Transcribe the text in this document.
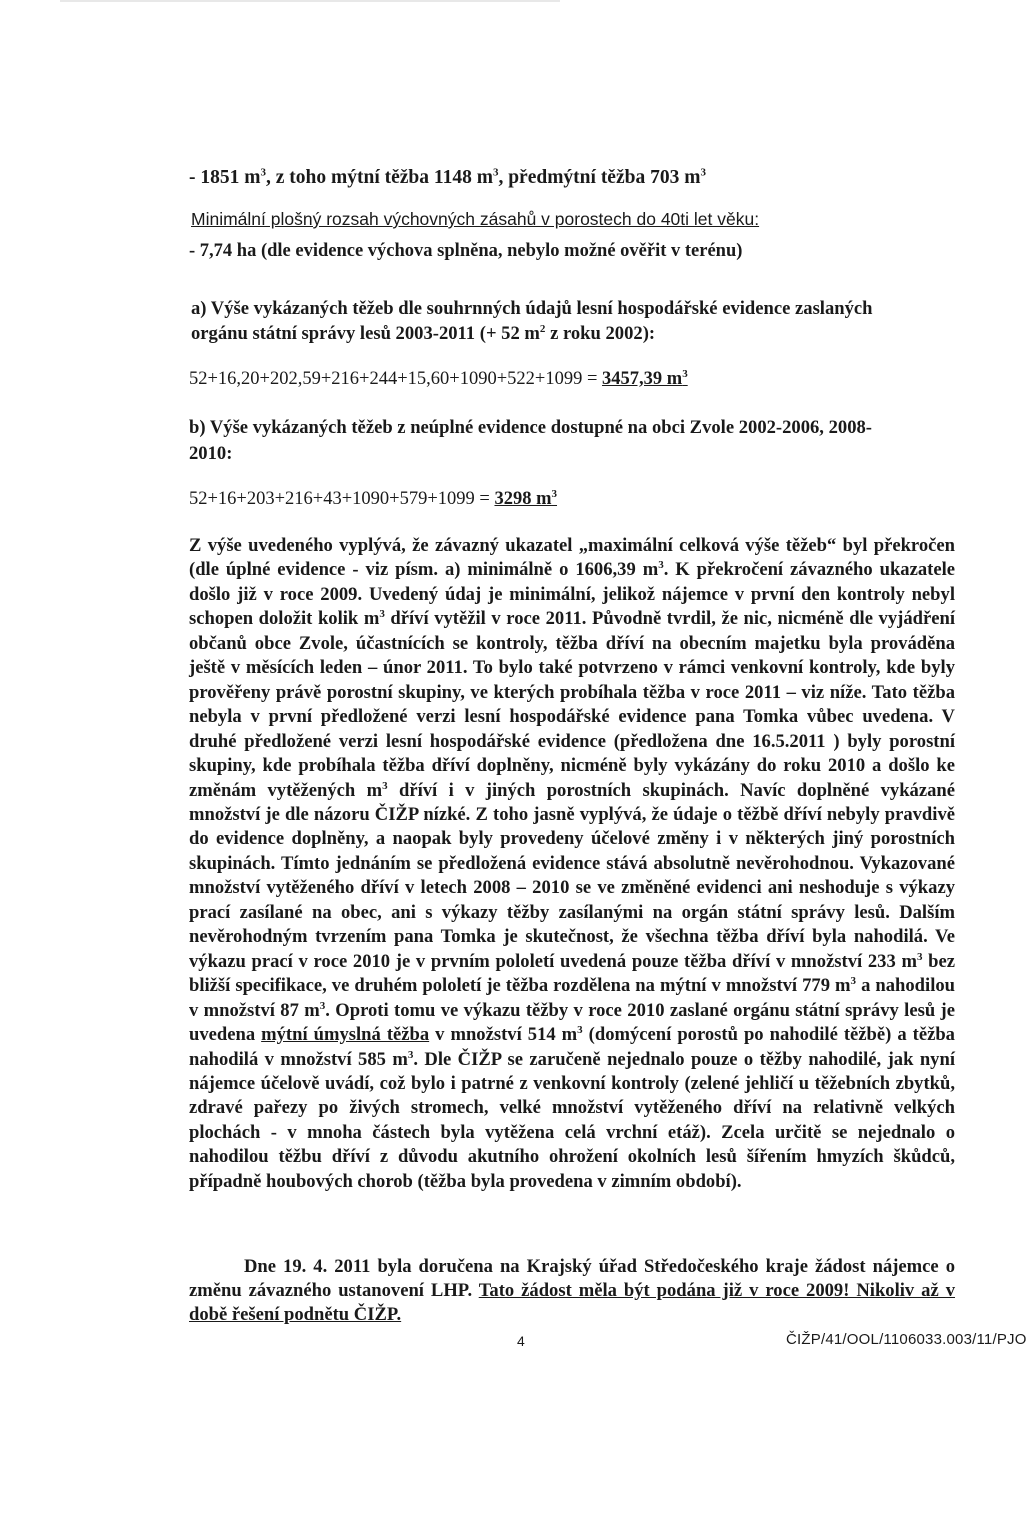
- 1851 $m^3$, z toho mýtní těžba 1148 $m^3$, předmýtní těžba 703 $m^3$
Minimální plošný rozsah výchovných zásahů v porostech do 40ti let věku:
- 7,74 ha (dle evidence výchova splněna, nebylo možné ověřit v terénu)
a) Výše vykázaných těžeb dle souhrnných údajů lesní hospodářské evidence zaslaných
orgánu státní správy lesů 2003-2011 (+ 52 $m^2$ z roku 2002):
52+16,20+202,59+216+244+15,60+1090+522+1099 = 3457,39 $m^3$
b) Výše vykázaných těžeb z neúplné evidence dostupné na obci Zvole 2002-2006, 2008-
2010:
52+16+203+216+43+1090+579+1099 = 3298 $m^3$

Z výše uvedeného vyplývá, že závazný ukazatel „maximální celková výše těžeb“ byl překročen (dle úplné evidence - viz písm. a) minimálně o 1606,39 $m^3$. K překročení závazného ukazatele došlo již v roce 2009. Uvedený údaj je minimální, jelikož nájemce v první den kontroly nebyl schopen doložit kolik $m^3$ dříví vytěžil v roce 2011. Původně tvrdil, že nic, nicméně dle vyjádření občanů obce Zvole, účastnících se kontroly, těžba dříví na obecním majetku byla prováděna ještě v měsících leden – únor 2011. To bylo také potvrzeno v rámci venkovní kontroly, kde byly prověřeny právě porostní skupiny, ve kterých probíhala těžba v roce 2011 – viz níže. Tato těžba nebyla v první předložené verzi lesní hospodářské evidence pana Tomka vůbec uvedena. V druhé předložené verzi lesní hospodářské evidence (předložena dne 16.5.2011 ) byly porostní skupiny, kde probíhala těžba dříví doplněny, nicméně byly vykázány do roku 2010 a došlo ke změnám vytěžených $m^3$ dříví i v jiných porostních skupinách. Navíc doplněné vykázané množství je dle názoru ČIŽP nízké. Z toho jasně vyplývá, že údaje o těžbě dříví nebyly pravdivě do evidence doplněny, a naopak byly provedeny účelové změny i v některých jiný porostních skupinách. Tímto jednáním se předložená evidence stává absolutně nevěrohodnou. Vykazované množství vytěženého dříví v letech 2008 – 2010 se ve změněné evidenci ani neshoduje s výkazy prací zasílané na obec, ani s výkazy těžby zasílanými na orgán státní správy lesů. Dalším nevěrohodným tvrzením pana Tomka je skutečnost, že všechna těžba dříví byla nahodilá. Ve výkazu prací v roce 2010 je v prvním pololetí uvedená pouze těžba dříví v množství 233 $m^3$ bez bližší specifikace, ve druhém pololetí je těžba rozdělena na mýtní v množství 779 $m^3$ a nahodilou v množství 87 $m^3$. Oproti tomu ve výkazu těžby v roce 2010 zaslané orgánu státní správy lesů je uvedena mýtní úmyslná těžba v množství 514 $m^3$ (domýcení porostů po nahodilé těžbě) a těžba nahodilá v množství 585 $m^3$. Dle ČIŽP se zaručeně nejednalo pouze o těžby nahodilé, jak nyní nájemce účelově uvádí, což bylo i patrné z venkovní kontroly (zelené jehličí u těžebních zbytků, zdravé pařezy po živých stromech, velké množství vytěženého dříví na relativně velkých plochách - v mnoha částech byla vytěžena celá vrchní etáž). Zcela určitě se nejednalo o nahodilou těžbu dříví z důvodu akutního ohrožení okolních lesů šířením hmyzích škůdců, případně houbových chorob (těžba byla provedena v zimním období).

Dne 19. 4. 2011 byla doručena na Krajský úřad Středočeského kraje žádost nájemce o změnu závazného ustanovení LHP. Tato žádost měla být podána již v roce 2009! Nikoliv až v době řešení podnětu ČIŽP.

4	ČIŽP/41/OOL/1106033.003/11/PJO
